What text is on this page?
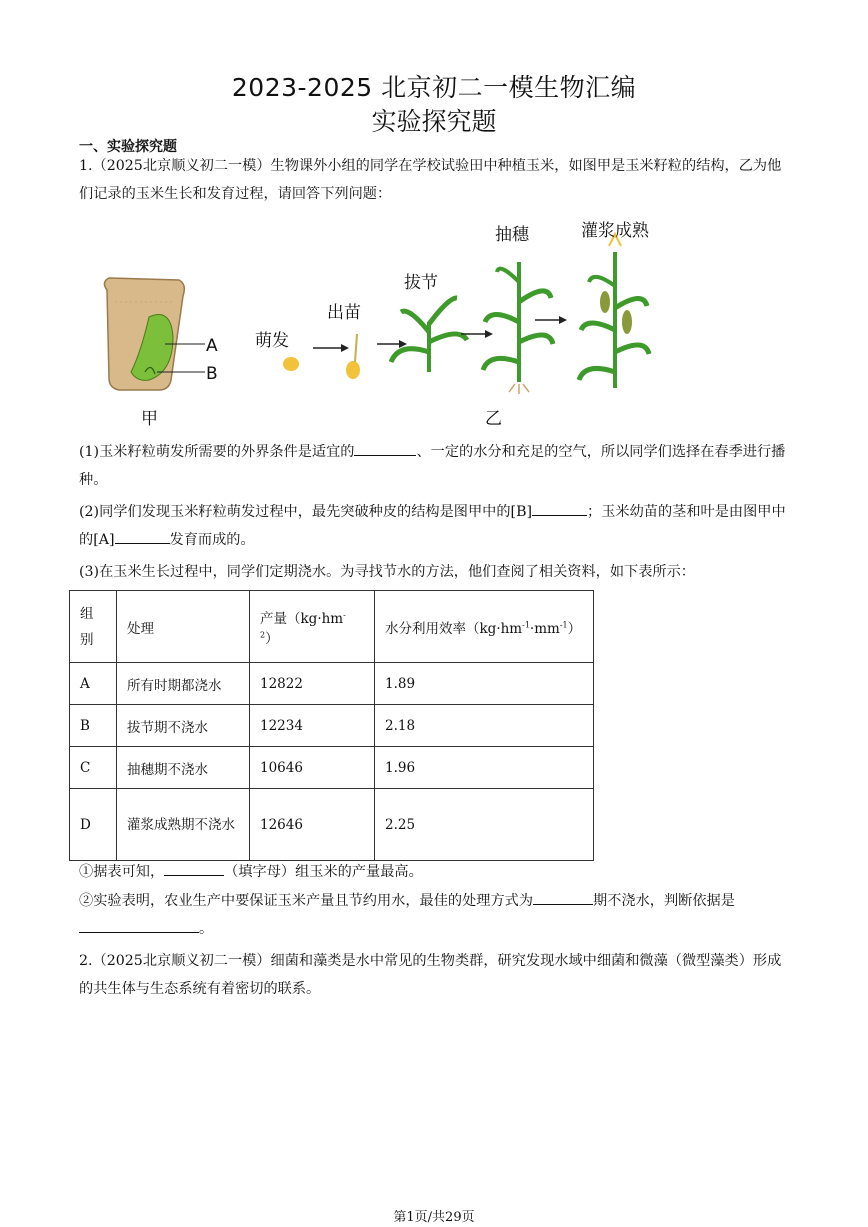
2023-2025 北京初二一模生物汇编
实验探究题
一、实验探究题
1.（2025北京顺义初二一模）生物课外小组的同学在学校试验田中种植玉米，如图甲是玉米籽粒的结构，乙为他们记录的玉米生长和发育过程，请回答下列问题：
A
B
甲	乙
萌发
出苗
拔节
抽穗	灌浆成熟
(1)玉米籽粒萌发所需要的外界条件是适宜的	、一定的水分和充足的空气，所以同学们选择在春季进行播种。
(2)同学们发现玉米籽粒萌发过程中，最先突破种皮的结构是图甲中的[B]	；玉米幼苗的茎和叶是由图甲中的[A]	发育而成的。
(3)在玉米生长过程中，同学们定期浇水。为寻找节水的方法，他们查阅了相关资料，如下表所示：
组别	处理	产量$(kg\cdot hm^{-2})$	水分利用效率$(kg\cdot hm^{-1}\cdot mm^{-1})$
A	所有时期都浇水	12822	1.89
B	拔节期不浇水	12234	2.18
C	抽穗期不浇水	10646	1.96
D	灌浆成熟期不浇水	12646	2.25
①据表可知，	（填字母）组玉米的产量最高。
②实验表明，农业生产中要保证玉米产量且节约用水，最佳的处理方式为	期不浇水，判断依据是。
2.（2025北京顺义初二一模）细菌和藻类是水中常见的生物类群，研究发现水域中细菌和微藻（微型藻类）形成的共生体与生态系统有着密切的联系。
第1页/共29页
